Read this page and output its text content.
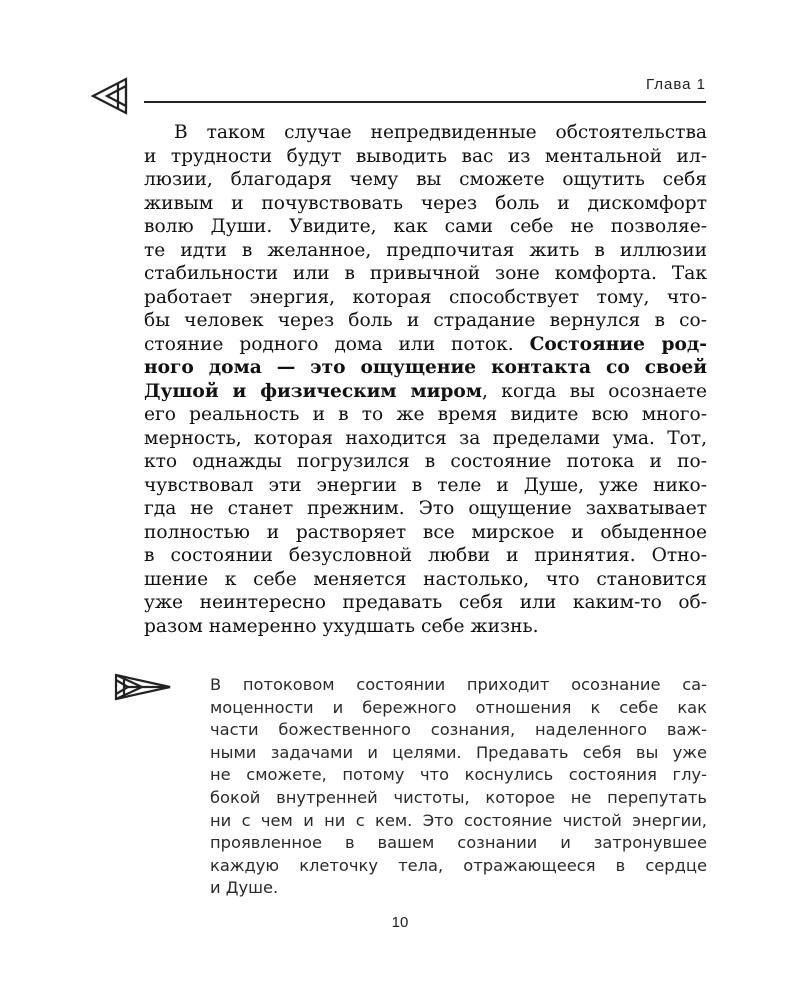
Глава 1
В таком случае непредвиденные обстоятельства
и трудности будут выводить вас из ментальной ил-
люзии, благодаря чему вы сможете ощутить себя
живым и почувствовать через боль и дискомфорт
волю Души. Увидите, как сами себе не позволяе-
те идти в желанное, предпочитая жить в иллюзии
стабильности или в привычной зоне комфорта. Так
работает энергия, которая способствует тому, что-
бы человек через боль и страдание вернулся в со-
стояние родного дома или поток. Состояние род-
ного дома — это ощущение контакта со своей
Душой и физическим миром, когда вы осознаете
его реальность и в то же время видите всю много-
мерность, которая находится за пределами ума. Тот,
кто однажды погрузился в состояние потока и по-
чувствовал эти энергии в теле и Душе, уже нико-
гда не станет прежним. Это ощущение захватывает
полностью и растворяет все мирское и обыденное
в состоянии безусловной любви и принятия. Отно-
шение к себе меняется настолько, что становится
уже неинтересно предавать себя или каким-то об-
разом намеренно ухудшать себе жизнь.
В потоковом состоянии приходит осознание са-
моценности и бережного отношения к себе как
части божественного сознания, наделенного важ-
ными задачами и целями. Предавать себя вы уже
не сможете, потому что коснулись состояния глу-
бокой внутренней чистоты, которое не перепутать
ни с чем и ни с кем. Это состояние чистой энергии,
проявленное в вашем сознании и затронувшее
каждую клеточку тела, отражающееся в сердце
и Душе.
10
